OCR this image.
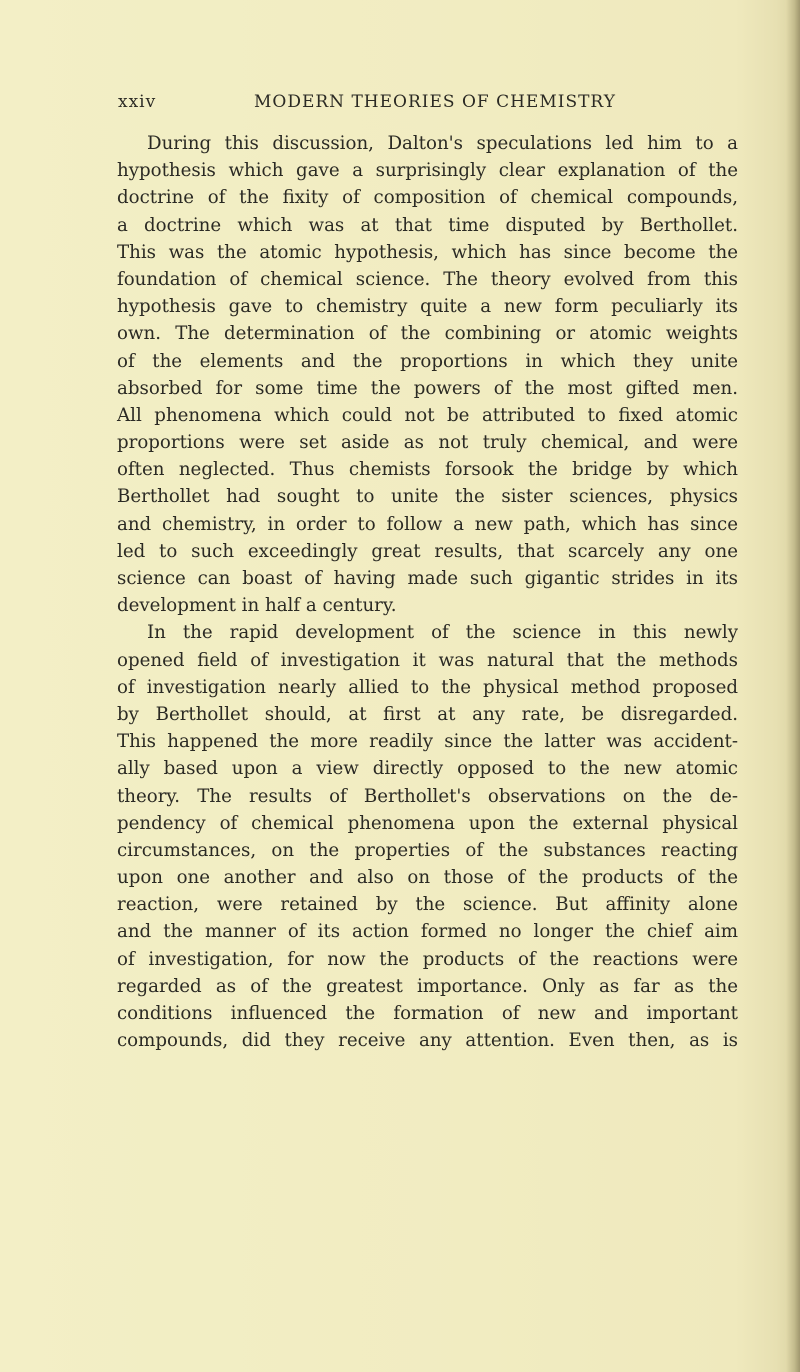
xxiv	MODERN THEORIES OF CHEMISTRY
During this discussion, Dalton's speculations led him to a
hypothesis which gave a surprisingly clear explanation of the
doctrine of the fixity of composition of chemical compounds,
a doctrine which was at that time disputed by Berthollet.
This was the atomic hypothesis, which has since become the
foundation of chemical science. The theory evolved from this
hypothesis gave to chemistry quite a new form peculiarly its
own. The determination of the combining or atomic weights
of the elements and the proportions in which they unite
absorbed for some time the powers of the most gifted men.
All phenomena which could not be attributed to fixed atomic
proportions were set aside as not truly chemical, and were
often neglected. Thus chemists forsook the bridge by which
Berthollet had sought to unite the sister sciences, physics
and chemistry, in order to follow a new path, which has since
led to such exceedingly great results, that scarcely any one
science can boast of having made such gigantic strides in its
development in half a century.
In the rapid development of the science in this newly
opened field of investigation it was natural that the methods
of investigation nearly allied to the physical method proposed
by Berthollet should, at first at any rate, be disregarded.
This happened the more readily since the latter was accident-
ally based upon a view directly opposed to the new atomic
theory. The results of Berthollet's observations on the de-
pendency of chemical phenomena upon the external physical
circumstances, on the properties of the substances reacting
upon one another and also on those of the products of the
reaction, were retained by the science. But affinity alone
and the manner of its action formed no longer the chief aim
of investigation, for now the products of the reactions were
regarded as of the greatest importance. Only as far as the
conditions influenced the formation of new and important
compounds, did they receive any attention. Even then, as is
